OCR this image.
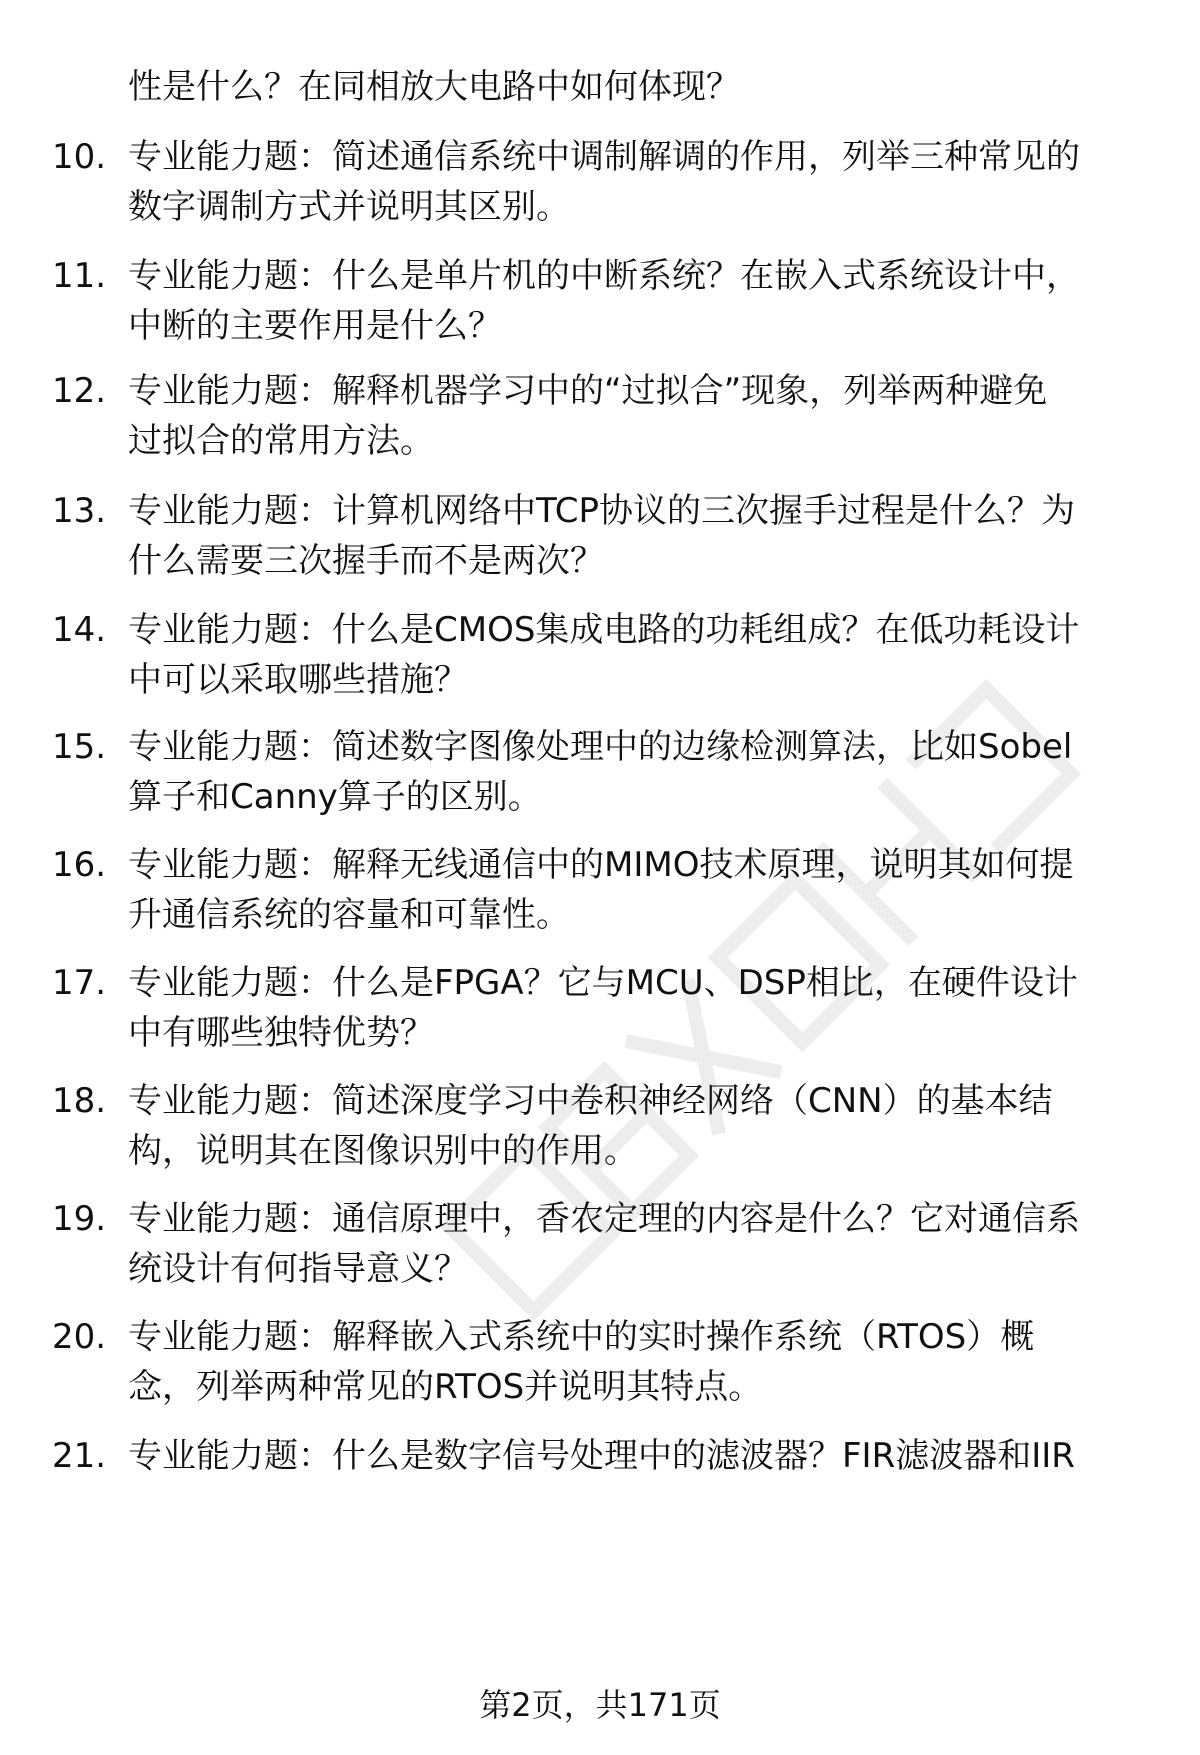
性是什么？在同相放大电路中如何体现？
10. 专业能力题：简述通信系统中调制解调的作用，列举三种常见的
数字调制方式并说明其区别。
11. 专业能力题：什么是单片机的中断系统？在嵌入式系统设计中，
中断的主要作用是什么？
12. 专业能力题：解释机器学习中的“过拟合”现象，列举两种避免
过拟合的常用方法。
13. 专业能力题：计算机网络中TCP协议的三次握手过程是什么？为
什么需要三次握手而不是两次？
14. 专业能力题：什么是CMOS集成电路的功耗组成？在低功耗设计
中可以采取哪些措施？
15. 专业能力题：简述数字图像处理中的边缘检测算法，比如Sobel
算子和Canny算子的区别。
16. 专业能力题：解释无线通信中的MIMO技术原理，说明其如何提
升通信系统的容量和可靠性。
17. 专业能力题：什么是FPGA？它与MCU、DSP相比，在硬件设计
中有哪些独特优势？
18. 专业能力题：简述深度学习中卷积神经网络（CNN）的基本结
构，说明其在图像识别中的作用。
19. 专业能力题：通信原理中，香农定理的内容是什么？它对通信系
统设计有何指导意义？
20. 专业能力题：解释嵌入式系统中的实时操作系统（RTOS）概
念，列举两种常见的RTOS并说明其特点。
21. 专业能力题：什么是数字信号处理中的滤波器？FIR滤波器和IIR
第2页，共171页
